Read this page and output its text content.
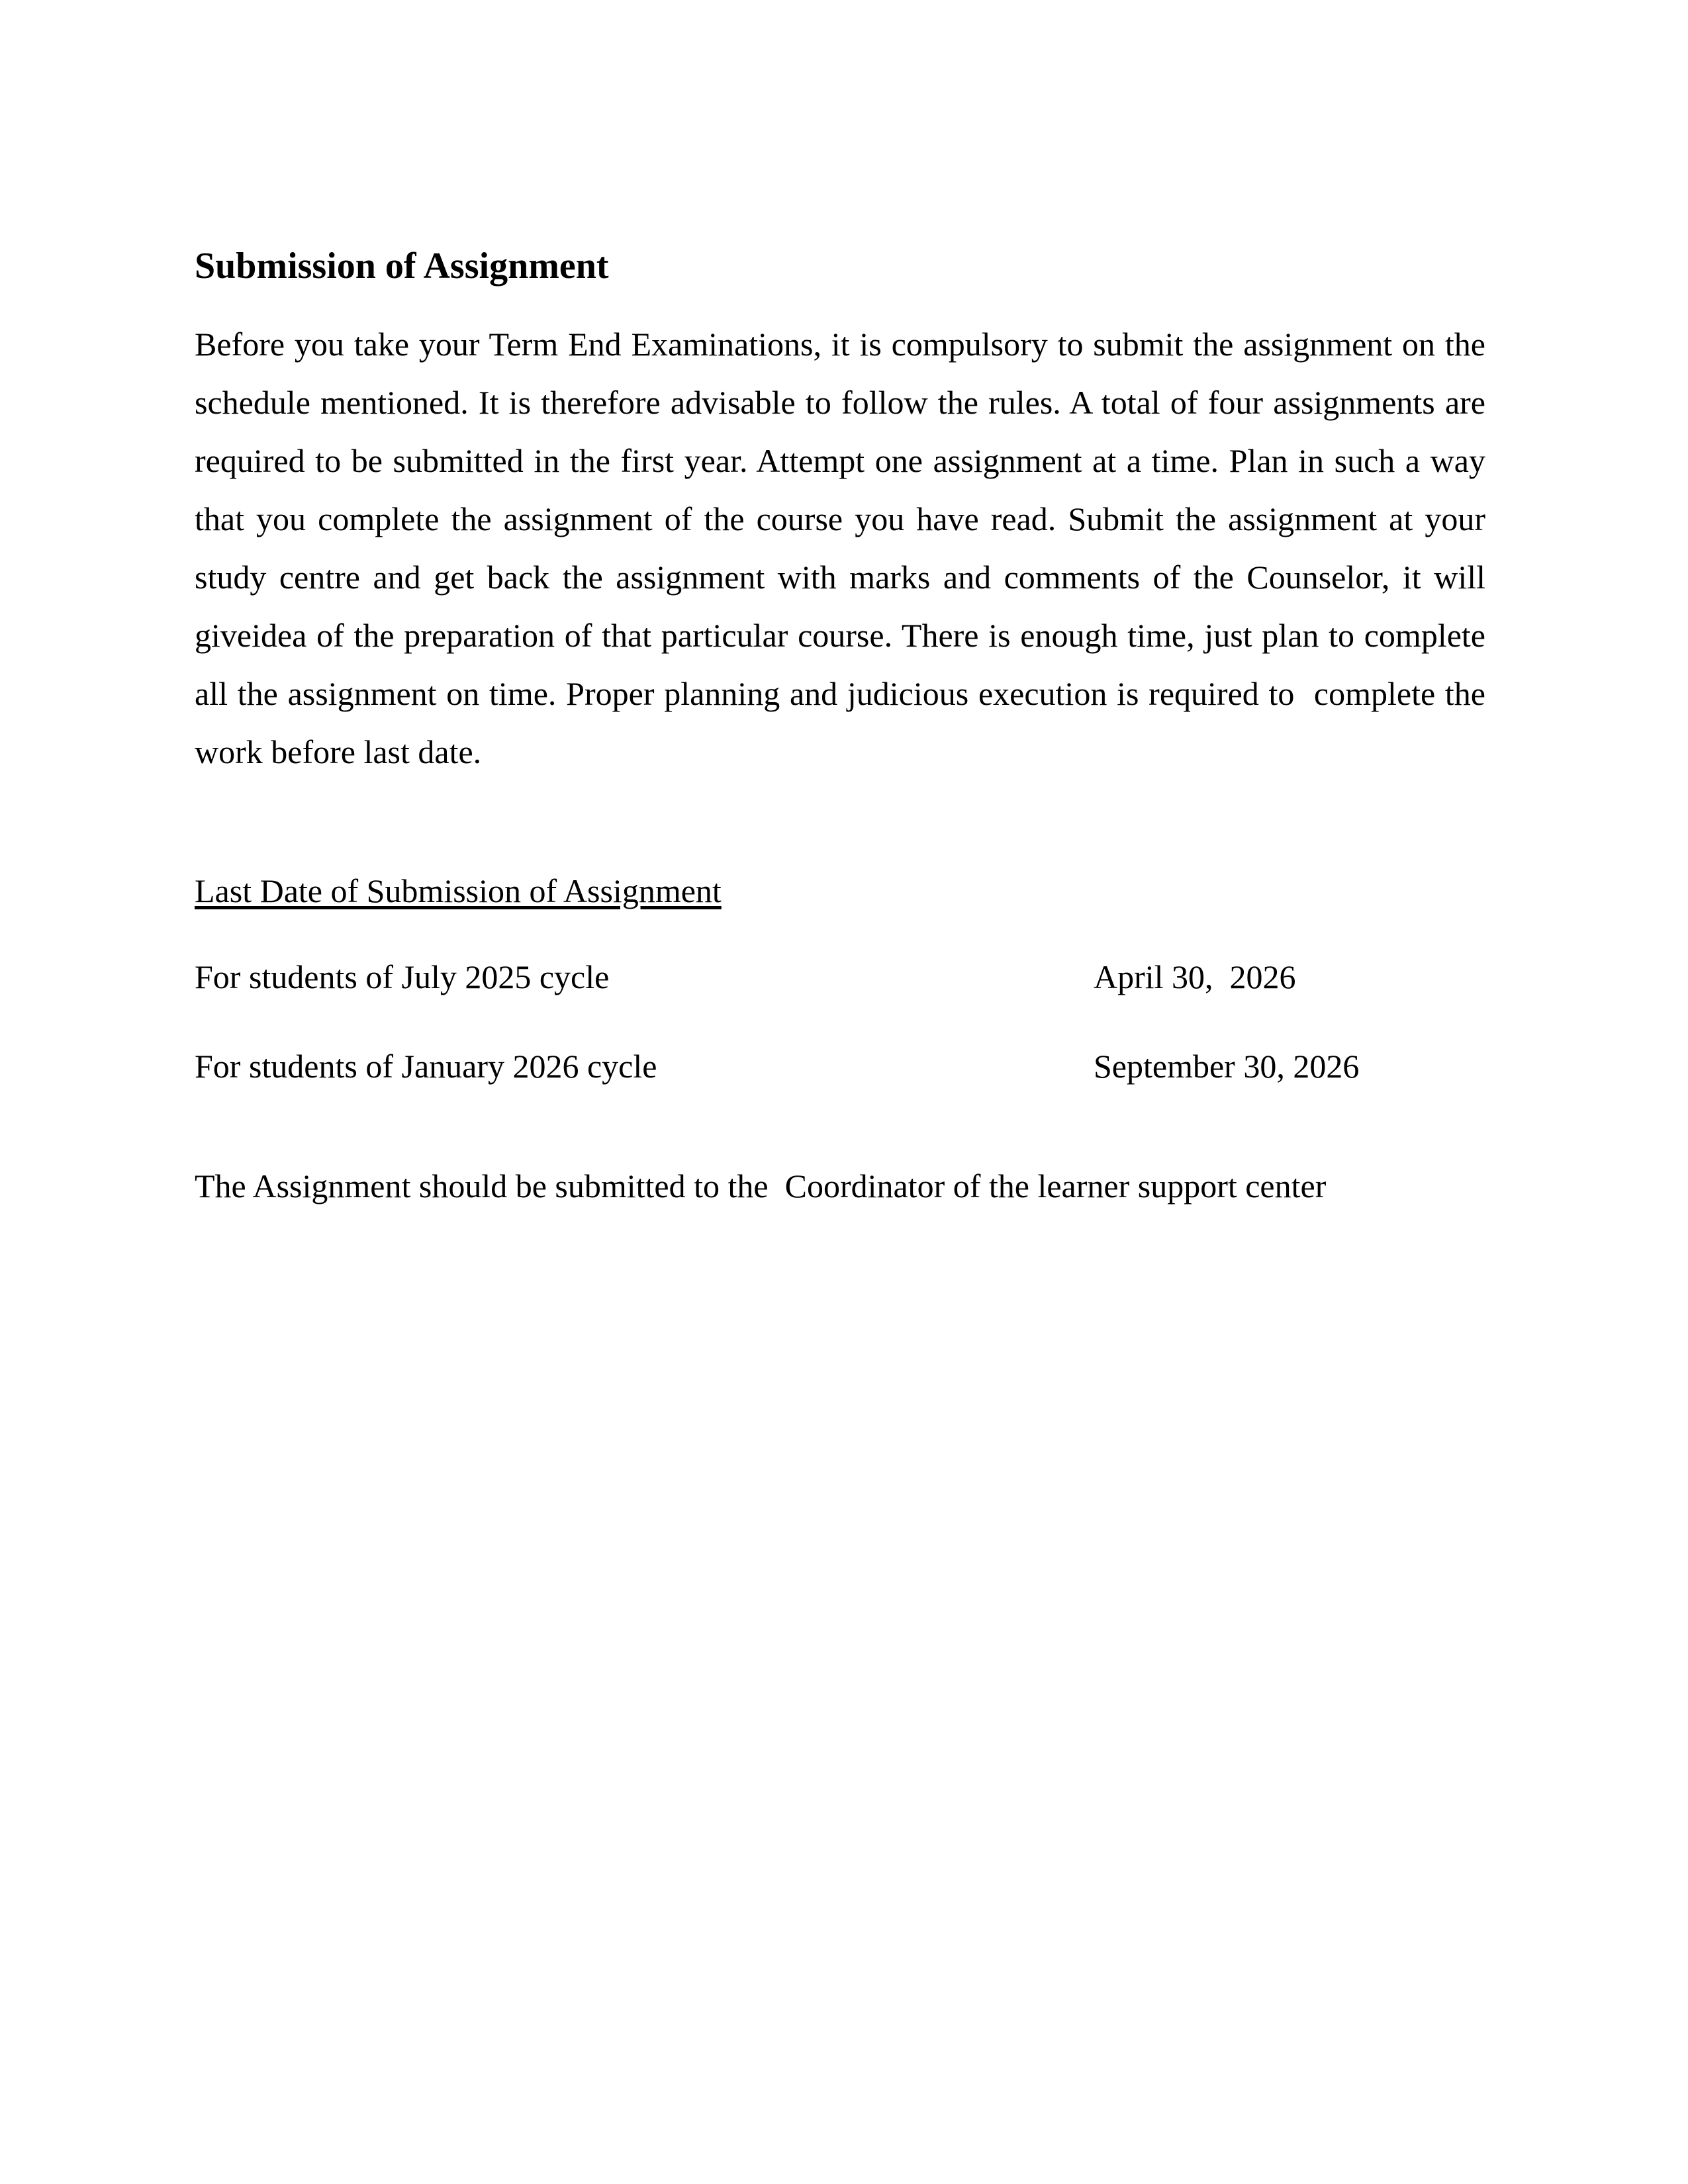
Submission of Assignment

Before you take your Term End Examinations, it is compulsory to submit the assignment on the schedule mentioned. It is therefore advisable to follow the rules. A total of four assignments are required to be submitted in the first year. Attempt one assignment at a time. Plan in such a way that you complete the assignment of the course you have read. Submit the assignment at your study centre and get back the assignment with marks and comments of the Counselor, it will giveidea of the preparation of that particular course. There is enough time, just plan to complete all the assignment on time. Proper planning and judicious execution is required to  complete the work before last date.

Last Date of Submission of Assignment
For students of July 2025 cycle	April 30,  2026
For students of January 2026 cycle	September 30, 2026

The Assignment should be submitted to the  Coordinator of the learner support center
